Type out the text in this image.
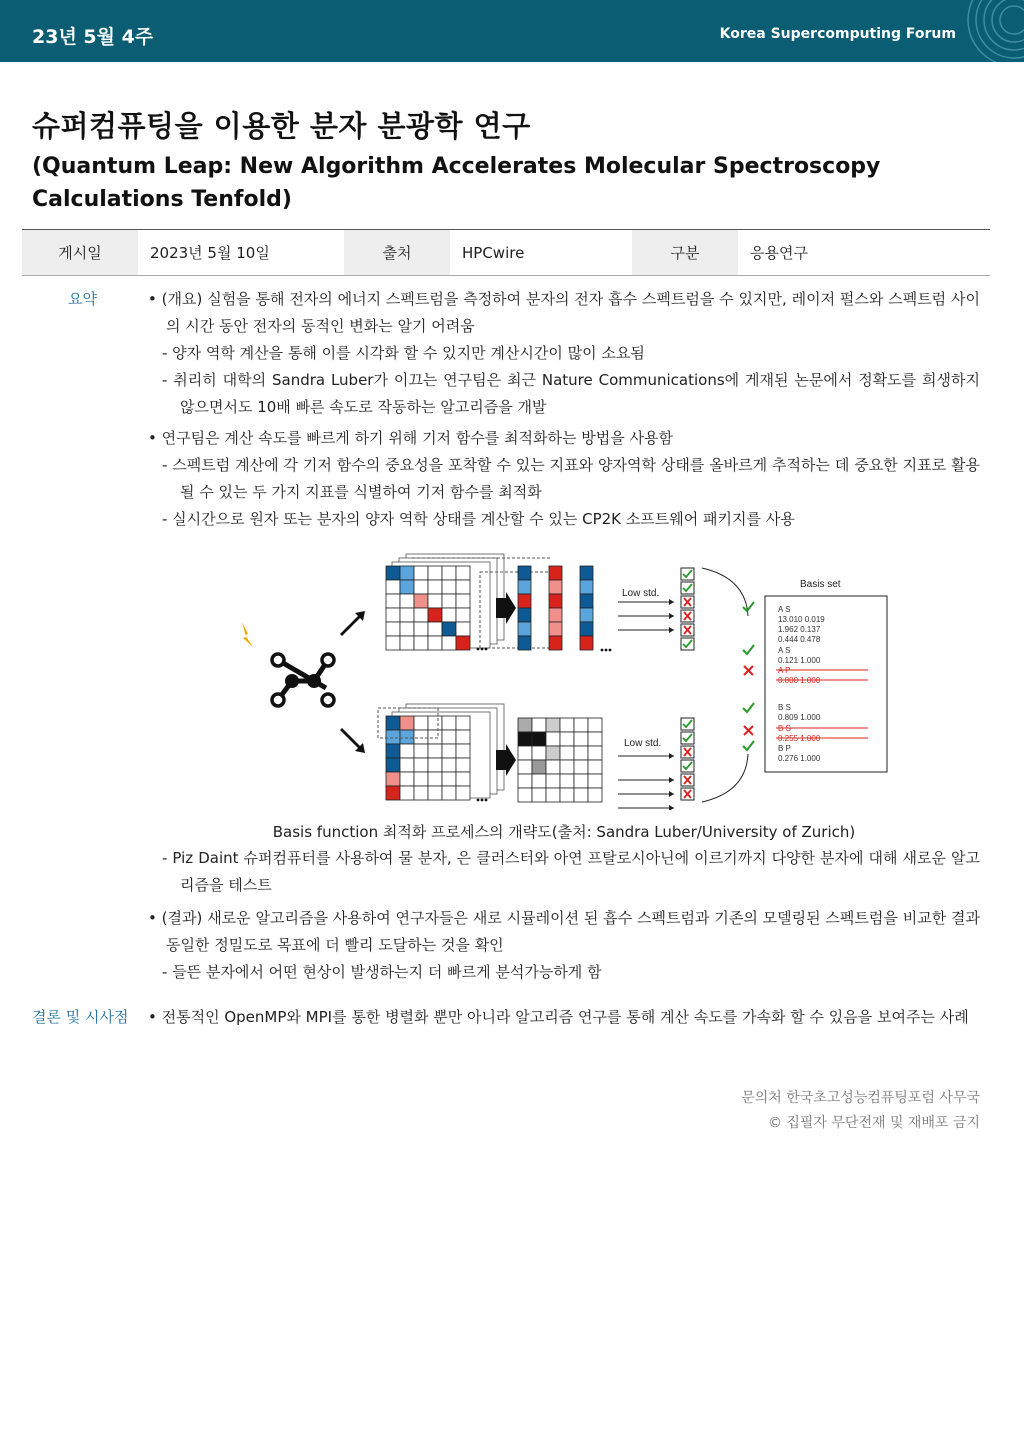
23년 5월 4주	Korea Supercomputing Forum
슈퍼컴퓨팅을 이용한 분자 분광학 연구
(Quantum Leap: New Algorithm Accelerates Molecular Spectroscopy Calculations Tenfold)
게시일	2023년 5월 10일	출처	HPCwire	구분	응용연구
요약	• (개요) 실험을 통해 전자의 에너지 스펙트럼을 측정하여 분자의 전자 흡수 스펙트럼을 수 있지만, 레이저 펄스와 스펙트럼 사이의 시간 동안 전자의 동적인 변화는 알기 어려움
- 양자 역학 계산을 통해 이를 시각화 할 수 있지만 계산시간이 많이 소요됨
- 취리히 대학의 Sandra Luber가 이끄는 연구팀은 최근 Nature Communications에 게재된 논문에서 정확도를 희생하지 않으면서도 10배 빠른 속도로 작동하는 알고리즘을 개발
• 연구팀은 계산 속도를 빠르게 하기 위해 기저 함수를 최적화하는 방법을 사용함
- 스펙트럼 계산에 각 기저 함수의 중요성을 포착할 수 있는 지표와 양자역학 상태를 올바르게 추적하는 데 중요한 지표로 활용될 수 있는 두 가지 지표를 식별하여 기저 함수를 최적화
- 실시간으로 원자 또는 분자의 양자 역학 상태를 계산할 수 있는 CP2K 소프트웨어 패키지를 사용
Low std.
Low std.
Basis set
A S
13.010 0.019
1.962 0.137
0.444 0.478
A S
0.121 1.000
A P
0.800 1.000
B S
0.809 1.000
B S
0.255 1.000
B P
0.276 1.000
Basis function 최적화 프로세스의 개략도(출처: Sandra Luber/University of Zurich)
- Piz Daint 슈퍼컴퓨터를 사용하여 물 분자, 은 클러스터와 아연 프탈로시아닌에 이르기까지 다양한 분자에 대해 새로운 알고리즘을 테스트
• (결과) 새로운 알고리즘을 사용하여 연구자들은 새로 시뮬레이션 된 흡수 스펙트럼과 기존의 모델링된 스펙트럼을 비교한 결과 동일한 정밀도로 목표에 더 빨리 도달하는 것을 확인
- 들뜬 분자에서 어떤 현상이 발생하는지 더 빠르게 분석가능하게 함
결론 및 시사점 • 전통적인 OpenMP와 MPI를 통한 병렬화 뿐만 아니라 알고리즘 연구를 통해 계산 속도를 가속화 할 수 있음을 보여주는 사례
문의처 한국초고성능컴퓨팅포럼 사무국
© 집필자 무단전재 및 재배포 금지
